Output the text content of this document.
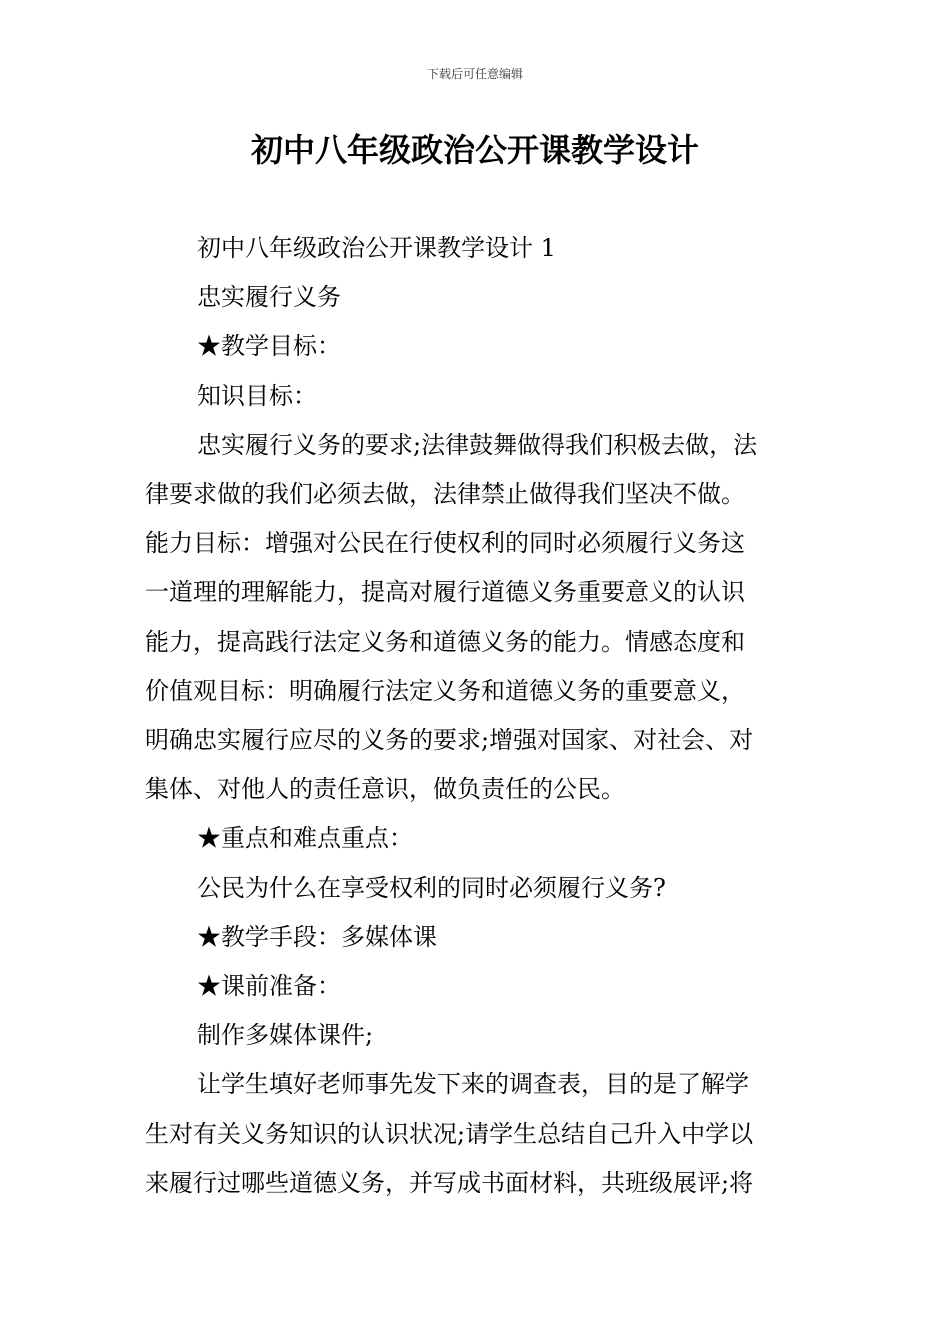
下载后可任意编辑
初中八年级政治公开课教学设计

初中八年级政治公开课教学设计 1

忠实履行义务

★教学目标：

知识目标：

忠实履行义务的要求;法律鼓舞做得我们积极去做，法

律要求做的我们必须去做，法律禁止做得我们坚决不做。

能力目标：增强对公民在行使权利的同时必须履行义务这

一道理的理解能力，提高对履行道德义务重要意义的认识

能力，提高践行法定义务和道德义务的能力。情感态度和

价值观目标：明确履行法定义务和道德义务的重要意义，

明确忠实履行应尽的义务的要求;增强对国家、对社会、对

集体、对他人的责任意识，做负责任的公民。

★重点和难点重点：

公民为什么在享受权利的同时必须履行义务?

★教学手段：多媒体课

★课前准备：

制作多媒体课件;

让学生填好老师事先发下来的调查表，目的是了解学

生对有关义务知识的认识状况;请学生总结自己升入中学以

来履行过哪些道德义务，并写成书面材料，共班级展评;将
